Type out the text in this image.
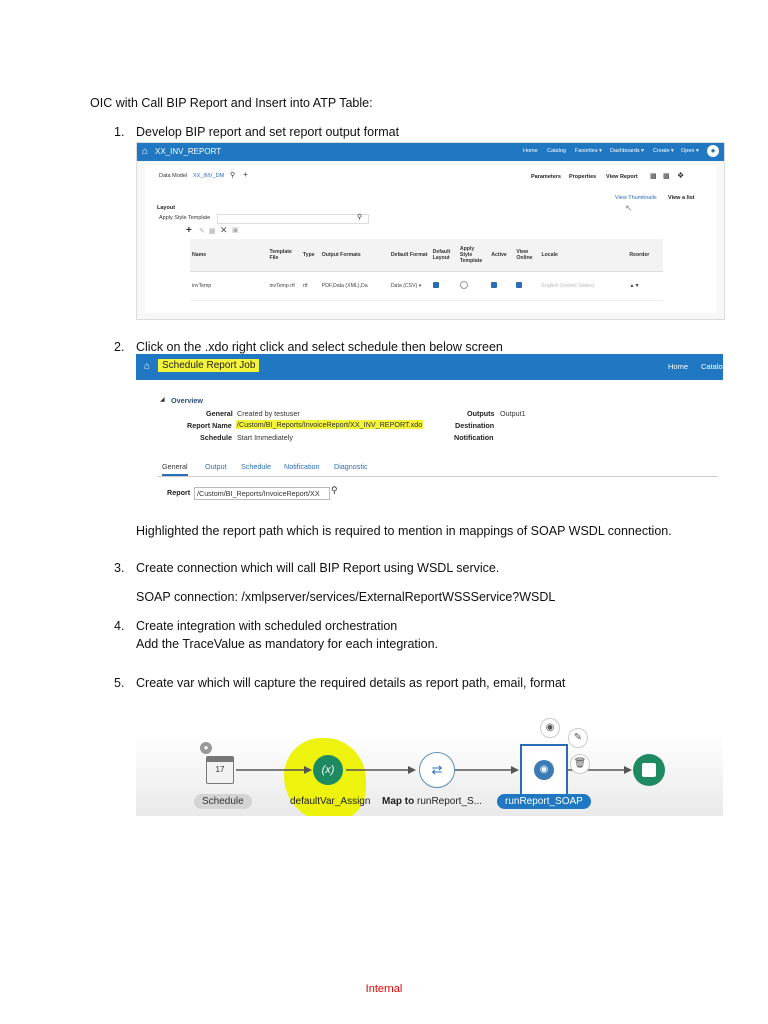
OIC with Call BIP Report and Insert into ATP Table:
1. Develop BIP report and set report output format
⌂ XX_INV_REPORT	Home Catalog Favorites ▾ Dashboards ▾ Create ▾ Open ▾	●
Data Model XX_INV_DM ⚲ +	Parameters Properties View Report ▩ ▩ ❖
View Thumbnails View a list
↖
Layout
Apply Style Template	⚲
+ ✎ ▦ ✕ ▣
Name	Template File	Type	Output Formats	Default Format	Default Layout	Apply Style Template	Active	View Online	Locale	Reorder
invTemp	invTemp.rtf	rtf	PDF,Data (XML),Da	Data (CSV) ▾					English (United States)	▲▼
2. Click on the .xdo right click and select schedule then below screen
⌂	Schedule Report Job	Home Catalo
◢ Overview
General Created by testuser
Report Name /Custom/BI_Reports/InvoiceReport/XX_INV_REPORT.xdo
Schedule Start Immediately
Outputs Output1
Destination
Notification
General Output Schedule Notification Diagnostic
Report /Custom/BI_Reports/InvoiceReport/XX	⚲
Highlighted the report path which is required to mention in mappings of SOAP WSDL connection.
3. Create connection which will call BIP Report using WSDL service.
SOAP connection: /xmlpserver/services/ExternalReportWSSService?WSDL
4. Create integration with scheduled orchestration
Add the TraceValue as mandatory for each integration.
5. Create var which will capture the required details as report path, email, format
●
17
Schedule
(x)
defaultVar_Assign
⇄
Map to runReport_S...
◉
◉
✎
🗑
runReport_SOAP
Internal
